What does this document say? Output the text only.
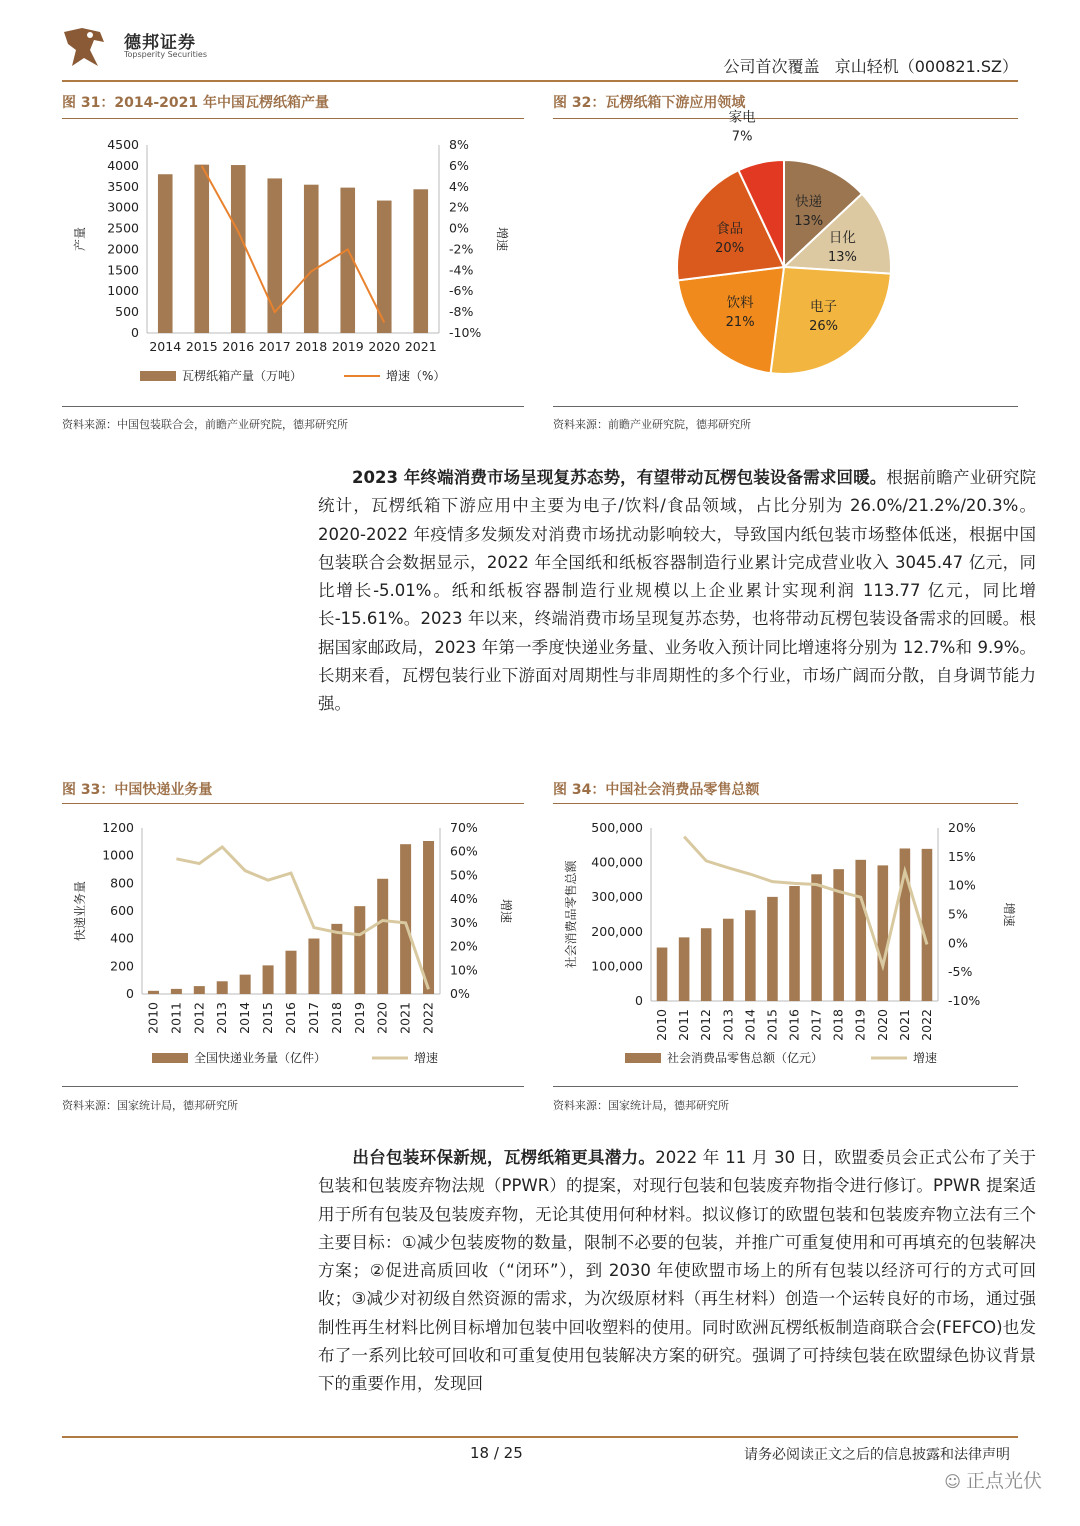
德邦证券
Topsperity Securities
公司首次覆盖   京山轻机（000821.SZ）
图 31：2014-2021 年中国瓦楞纸箱产量
0
500
1000
1500
2000
2500
3000
3500
4000
4500
-10%
-8%
-6%
-4%
-2%
0%
2%
4%
6%
8%
产量	增速
2014 2015 2016 2017 2018 2019 2020 2021
瓦楞纸箱产量（万吨）	增速（%）
资料来源：中国包装联合会，前瞻产业研究院，德邦研究所
图 32：瓦楞纸箱下游应用领域
快递
13%
日化
13%
电子
26%
饮料
21%
食品
20%
家电
7%
资料来源：前瞻产业研究院，德邦研究所
2023 年终端消费市场呈现复苏态势，有望带动瓦楞包装设备需求回暖。根据前瞻产业研究院统计，瓦楞纸箱下游应用中主要为电子/饮料/食品领域，占比分别为 26.0%/21.2%/20.3%。2020-2022 年疫情多发频发对消费市场扰动影响较大，导致国内纸包装市场整体低迷，根据中国包装联合会数据显示，2022 年全国纸和纸板容器制造行业累计完成营业收入 3045.47 亿元，同比增长-5.01%。纸和纸板容器制造行业规模以上企业累计实现利润 113.77 亿元，同比增长-15.61%。2023 年以来，终端消费市场呈现复苏态势，也将带动瓦楞包装设备需求的回暖。根据国家邮政局，2023 年第一季度快递业务量、业务收入预计同比增速将分别为 12.7%和 9.9%。长期来看，瓦楞包装行业下游面对周期性与非周期性的多个行业，市场广阔而分散，自身调节能力强。
图 33：中国快递业务量
0
200
400
600
800
1000
1200
0%
10%
20%
30%
40%
50%
60%
70%
快递业务量	增速
2010 2011 2012 2013 2014 2015 2016 2017 2018 2019 2020 2021 2022
全国快递业务量（亿件）	增速
资料来源：国家统计局，德邦研究所
图 34：中国社会消费品零售总额
0
100,000
200,000
300,000
400,000
500,000
-10%
-5%
0%
5%
10%
15%
20%
社会消费品零售总额	增速
2010 2011 2012 2013 2014 2015 2016 2017 2018 2019 2020 2021 2022
社会消费品零售总额（亿元）	增速
资料来源：国家统计局，德邦研究所
出台包装环保新规，瓦楞纸箱更具潜力。2022 年 11 月 30 日，欧盟委员会正式公布了关于包装和包装废弃物法规（PPWR）的提案，对现行包装和包装废弃物指令进行修订。PPWR 提案适用于所有包装及包装废弃物，无论其使用何种材料。拟议修订的欧盟包装和包装废弃物立法有三个主要目标：①减少包装废物的数量，限制不必要的包装，并推广可重复使用和可再填充的包装解决方案；②促进高质回收（“闭环”），到 2030 年使欧盟市场上的所有包装以经济可行的方式可回收；③减少对初级自然资源的需求，为次级原材料（再生材料）创造一个运转良好的市场，通过强制性再生材料比例目标增加包装中回收塑料的使用。同时欧洲瓦楞纸板制造商联合会(FEFCO)也发布了一系列比较可回收和可重复使用包装解决方案的研究。强调了可持续包装在欧盟绿色协议背景下的重要作用，发现回
18 / 25	请务必阅读正文之后的信息披露和法律声明
☺ 正点光伏
